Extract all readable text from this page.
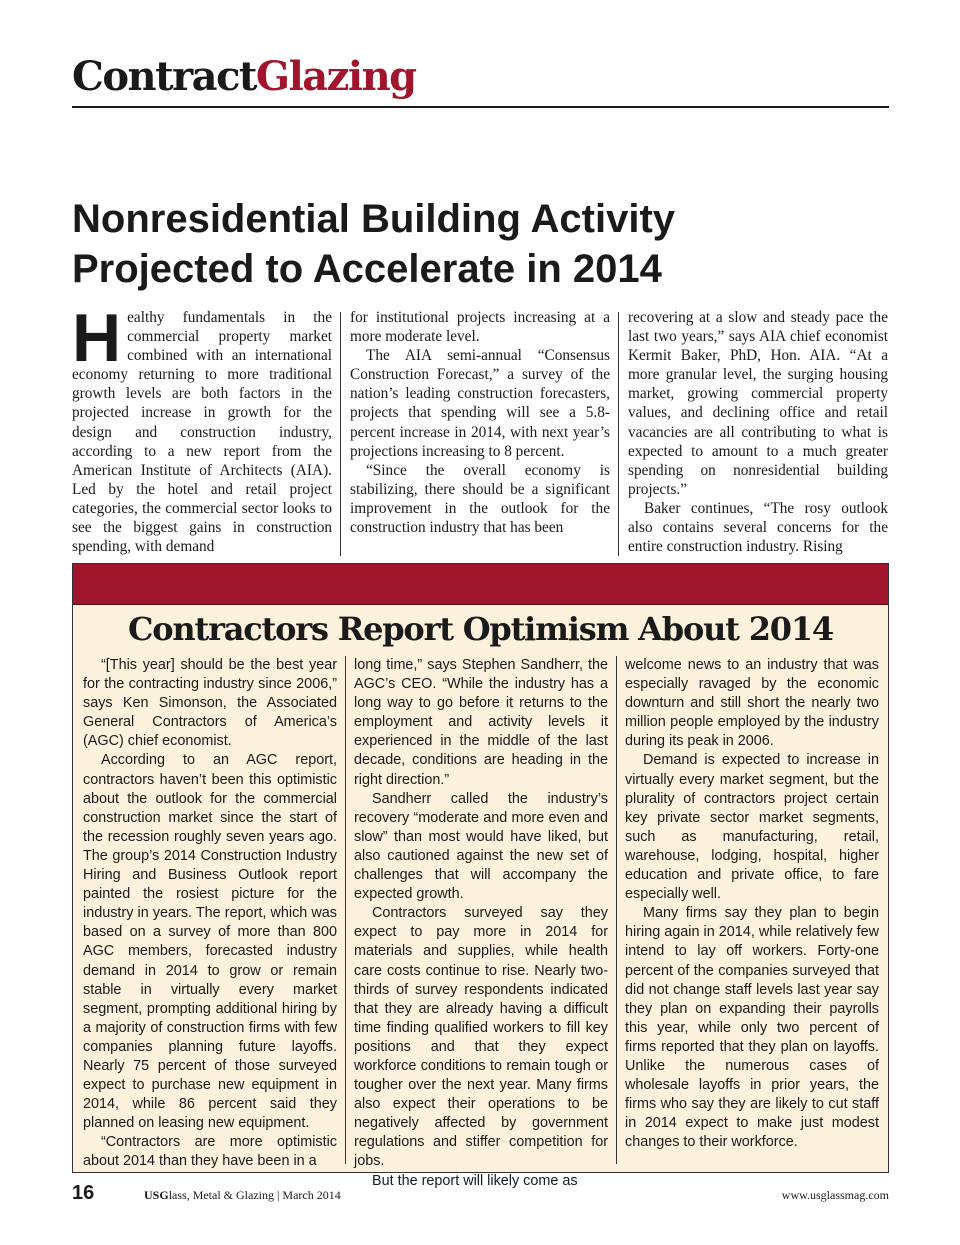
ContractGlazing
Nonresidential Building Activity
Projected to Accelerate in 2014
H ealthy fundamentals in the commercial property market combined with an international economy returning to more traditional growth levels are both factors in the projected increase in growth for the design and construction industry, according to a new report from the American Institute of Architects (AIA). Led by the hotel and retail project categories, the commercial sector looks to see the biggest gains in construction spending, with demand

for institutional projects increasing at a more moderate level.

The AIA semi-annual “Consensus Construction Forecast,” a survey of the nation’s leading construction forecasters, projects that spending will see a 5.8-percent increase in 2014, with next year’s projections increasing to 8 percent.

“Since the overall economy is stabilizing, there should be a significant improvement in the outlook for the construction industry that has been

recovering at a slow and steady pace the last two years,” says AIA chief economist Kermit Baker, PhD, Hon. AIA. “At a more granular level, the surging housing market, growing commercial property values, and declining office and retail vacancies are all contributing to what is expected to amount to a much greater spending on nonresidential building projects.”

Baker continues, “The rosy outlook also contains several concerns for the entire construction industry. Rising

Contractors Report Optimism About 2014

“[This year] should be the best year for the contracting industry since 2006,” says Ken Simonson, the Associated General Contractors of America’s (AGC) chief economist.

According to an AGC report, contractors haven’t been this optimistic about the outlook for the commercial construction market since the start of the recession roughly seven years ago. The group’s 2014 Construction Industry Hiring and Business Outlook report painted the rosiest picture for the industry in years. The report, which was based on a survey of more than 800 AGC members, forecasted industry demand in 2014 to grow or remain stable in virtually every market segment, prompting additional hiring by a majority of construction firms with few companies planning future layoffs. Nearly 75 percent of those surveyed expect to purchase new equipment in 2014, while 86 percent said they planned on leasing new equipment.

“Contractors are more optimistic about 2014 than they have been in a

long time,” says Stephen Sandherr, the AGC’s CEO. “While the industry has a long way to go before it returns to the employment and activity levels it experienced in the middle of the last decade, conditions are heading in the right direction.”

Sandherr called the industry’s recovery “moderate and more even and slow” than most would have liked, but also cautioned against the new set of challenges that will accompany the expected growth.

Contractors surveyed say they expect to pay more in 2014 for materials and supplies, while health care costs continue to rise. Nearly two-thirds of survey respondents indicated that they are already having a difficult time finding qualified workers to fill key positions and that they expect workforce conditions to remain tough or tougher over the next year. Many firms also expect their operations to be negatively affected by government regulations and stiffer competition for jobs.

But the report will likely come as

welcome news to an industry that was especially ravaged by the economic downturn and still short the nearly two million people employed by the industry during its peak in 2006.

Demand is expected to increase in virtually every market segment, but the plurality of contractors project certain key private sector market segments, such as manufacturing, retail, warehouse, lodging, hospital, higher education and private office, to fare especially well.

Many firms say they plan to begin hiring again in 2014, while relatively few intend to lay off workers. Forty-one percent of the companies surveyed that did not change staff levels last year say they plan on expanding their payrolls this year, while only two percent of firms reported that they plan on layoffs. Unlike the numerous cases of wholesale layoffs in prior years, the firms who say they are likely to cut staff in 2014 expect to make just modest changes to their workforce.

16	USGlass, Metal & Glazing | March 2014	www.usglassmag.com
